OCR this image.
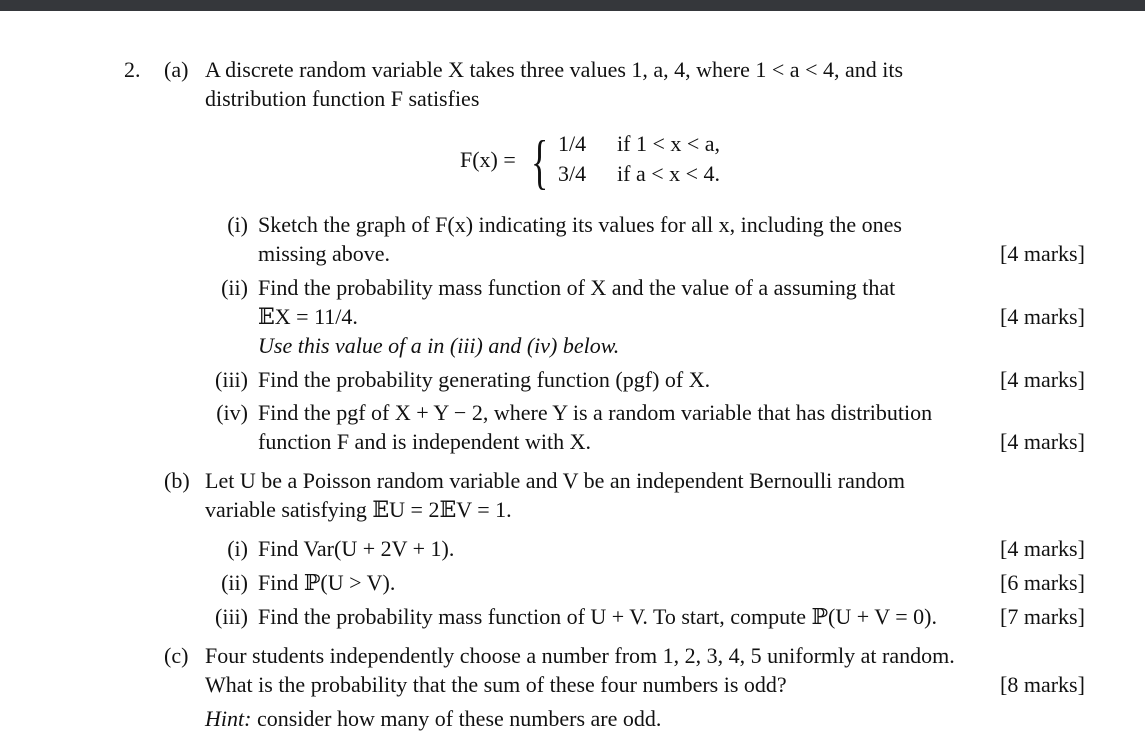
2. (a) A discrete random variable X takes three values 1, a, 4, where 1 < a < 4, and its
distribution function F satisfies
F(x) = { 1/4 if 1 < x < a,
3/4 if a < x < 4.
(i) Sketch the graph of F(x) indicating its values for all x, including the ones
missing above.	[4 marks]
(ii) Find the probability mass function of X and the value of a assuming that
𝔼X = 11/4.	[4 marks]
Use this value of a in (iii) and (iv) below.
(iii) Find the probability generating function (pgf) of X.	[4 marks]
(iv) Find the pgf of X + Y − 2, where Y is a random variable that has distribution
function F and is independent with X.	[4 marks]
(b) Let U be a Poisson random variable and V be an independent Bernoulli random
variable satisfying 𝔼U = 2𝔼V = 1.
(i) Find Var(U + 2V + 1).	[4 marks]
(ii) Find ℙ(U > V).	[6 marks]
(iii) Find the probability mass function of U + V. To start, compute ℙ(U + V = 0).	[7 marks]
(c) Four students independently choose a number from 1, 2, 3, 4, 5 uniformly at random.
What is the probability that the sum of these four numbers is odd?	[8 marks]
Hint: consider how many of these numbers are odd.
